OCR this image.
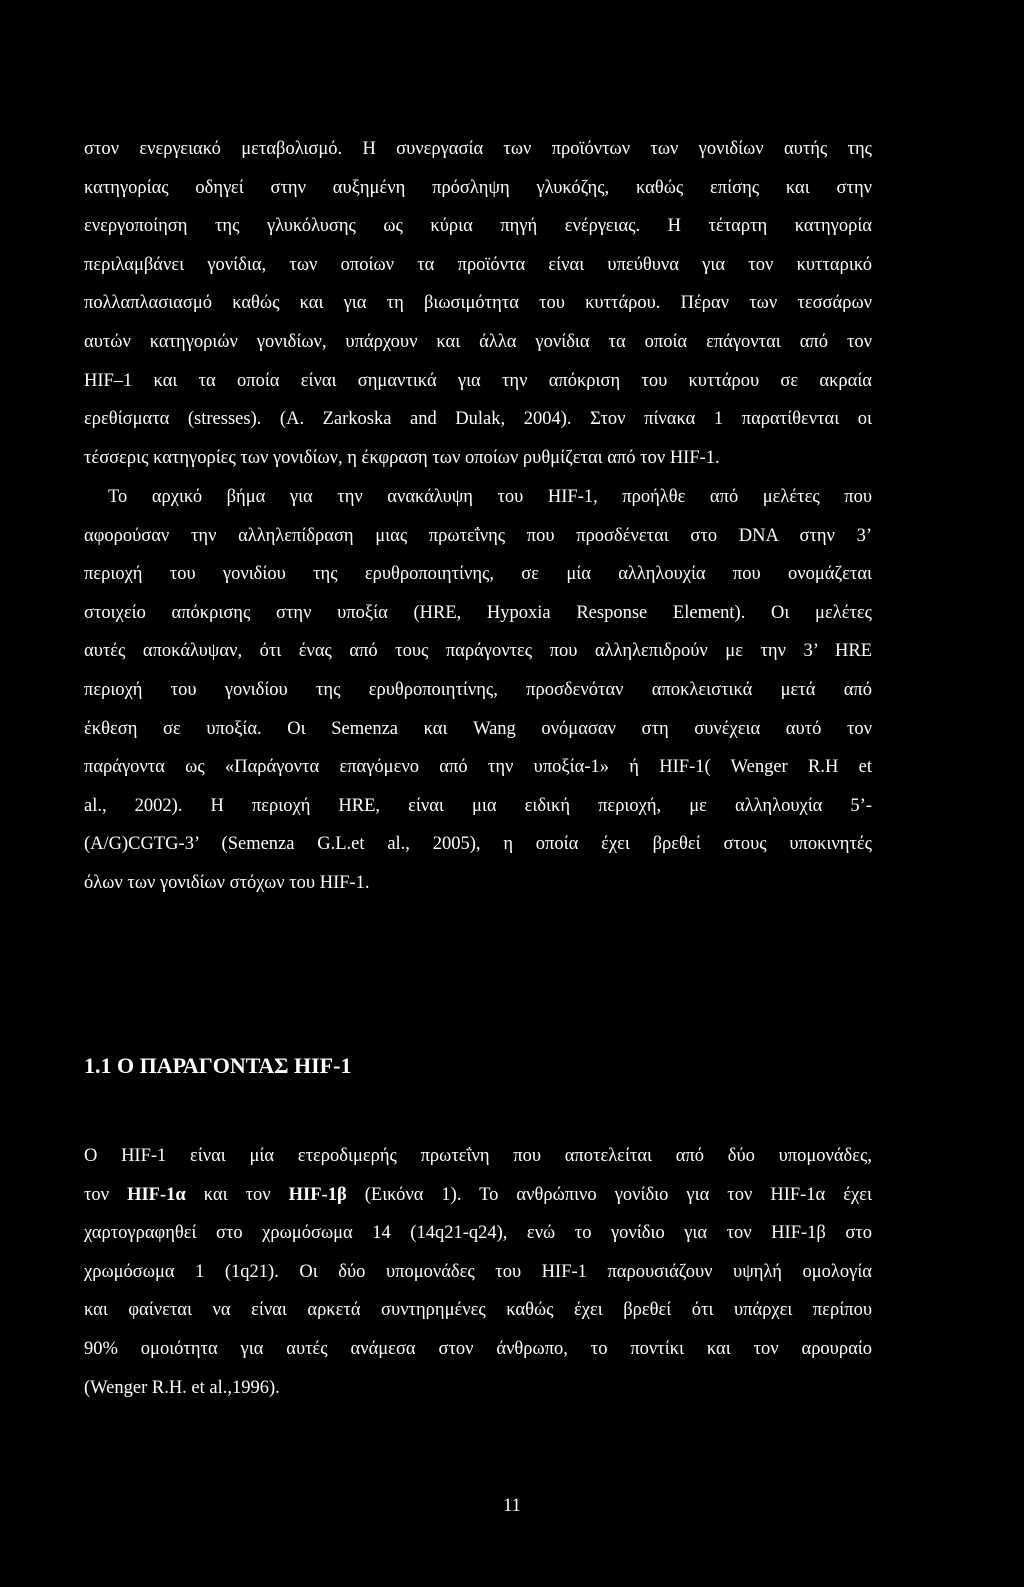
στον ενεργειακό μεταβολισμό. Η συνεργασία των προϊόντων των γονιδίων αυτής της
κατηγορίας οδηγεί στην αυξημένη πρόσληψη γλυκόζης, καθώς επίσης και στην
ενεργοποίηση της γλυκόλυσης ως κύρια πηγή ενέργειας. Η τέταρτη κατηγορία
περιλαμβάνει γονίδια, των οποίων τα προϊόντα είναι υπεύθυνα για τον κυτταρικό
πολλαπλασιασμό καθώς και για τη βιωσιμότητα του κυττάρου. Πέραν των τεσσάρων
αυτών κατηγοριών γονιδίων, υπάρχουν και άλλα γονίδια τα οποία επάγονται από τον
HIF–1 και τα οποία είναι σημαντικά για την απόκριση του κυττάρου σε ακραία
ερεθίσματα (stresses). (A. Zarkoska and Dulak, 2004). Στον πίνακα 1 παρατίθενται οι
τέσσερις κατηγορίες των γονιδίων, η έκφραση των οποίων ρυθμίζεται από τον HIF-1.

Το αρχικό βήμα για την ανακάλυψη του HIF-1, προήλθε από μελέτες που
αφορούσαν την αλληλεπίδραση μιας πρωτεΐνης που προσδένεται στο DNA στην 3’
περιοχή του γονιδίου της ερυθροποιητίνης, σε μία αλληλουχία που ονομάζεται
στοιχείο απόκρισης στην υποξία (HRE, Hypoxia Response Element). Οι μελέτες
αυτές αποκάλυψαν, ότι ένας από τους παράγοντες που αλληλεπιδρούν με την 3’ HRE
περιοχή του γονιδίου της ερυθροποιητίνης, προσδενόταν αποκλειστικά μετά από
έκθεση σε υποξία. Οι Semenza και Wang ονόμασαν στη συνέχεια αυτό τον
παράγοντα ως «Παράγοντα επαγόμενο από την υποξία-1» ή HIF-1( Wenger R.H et
al., 2002). Η περιοχή HRE, είναι μια ειδική περιοχή, με αλληλουχία 5’-
(A/G)CGTG-3’ (Semenza G.L.et al., 2005), η οποία έχει βρεθεί στους υποκινητές
όλων των γονιδίων στόχων του HIF-1.

1.1 Ο ΠΑΡΑΓΟΝΤΑΣ HIF-1

Ο HIF-1 είναι μία ετεροδιμερής πρωτεΐνη που αποτελείται από δύο υπομονάδες,
τον HIF-1α και τον HIF-1β (Εικόνα 1). Το ανθρώπινο γονίδιο για τον HIF-1α έχει
χαρτογραφηθεί στο χρωμόσωμα 14 (14q21-q24), ενώ το γονίδιο για τον HIF-1β στο
χρωμόσωμα 1 (1q21). Οι δύο υπομονάδες του HIF-1 παρουσιάζουν υψηλή ομολογία
και φαίνεται να είναι αρκετά συντηρημένες καθώς έχει βρεθεί ότι υπάρχει περίπου
90% ομοιότητα για αυτές ανάμεσα στον άνθρωπο, το ποντίκι και τον αρουραίο
(Wenger R.H. et al.,1996).

11
